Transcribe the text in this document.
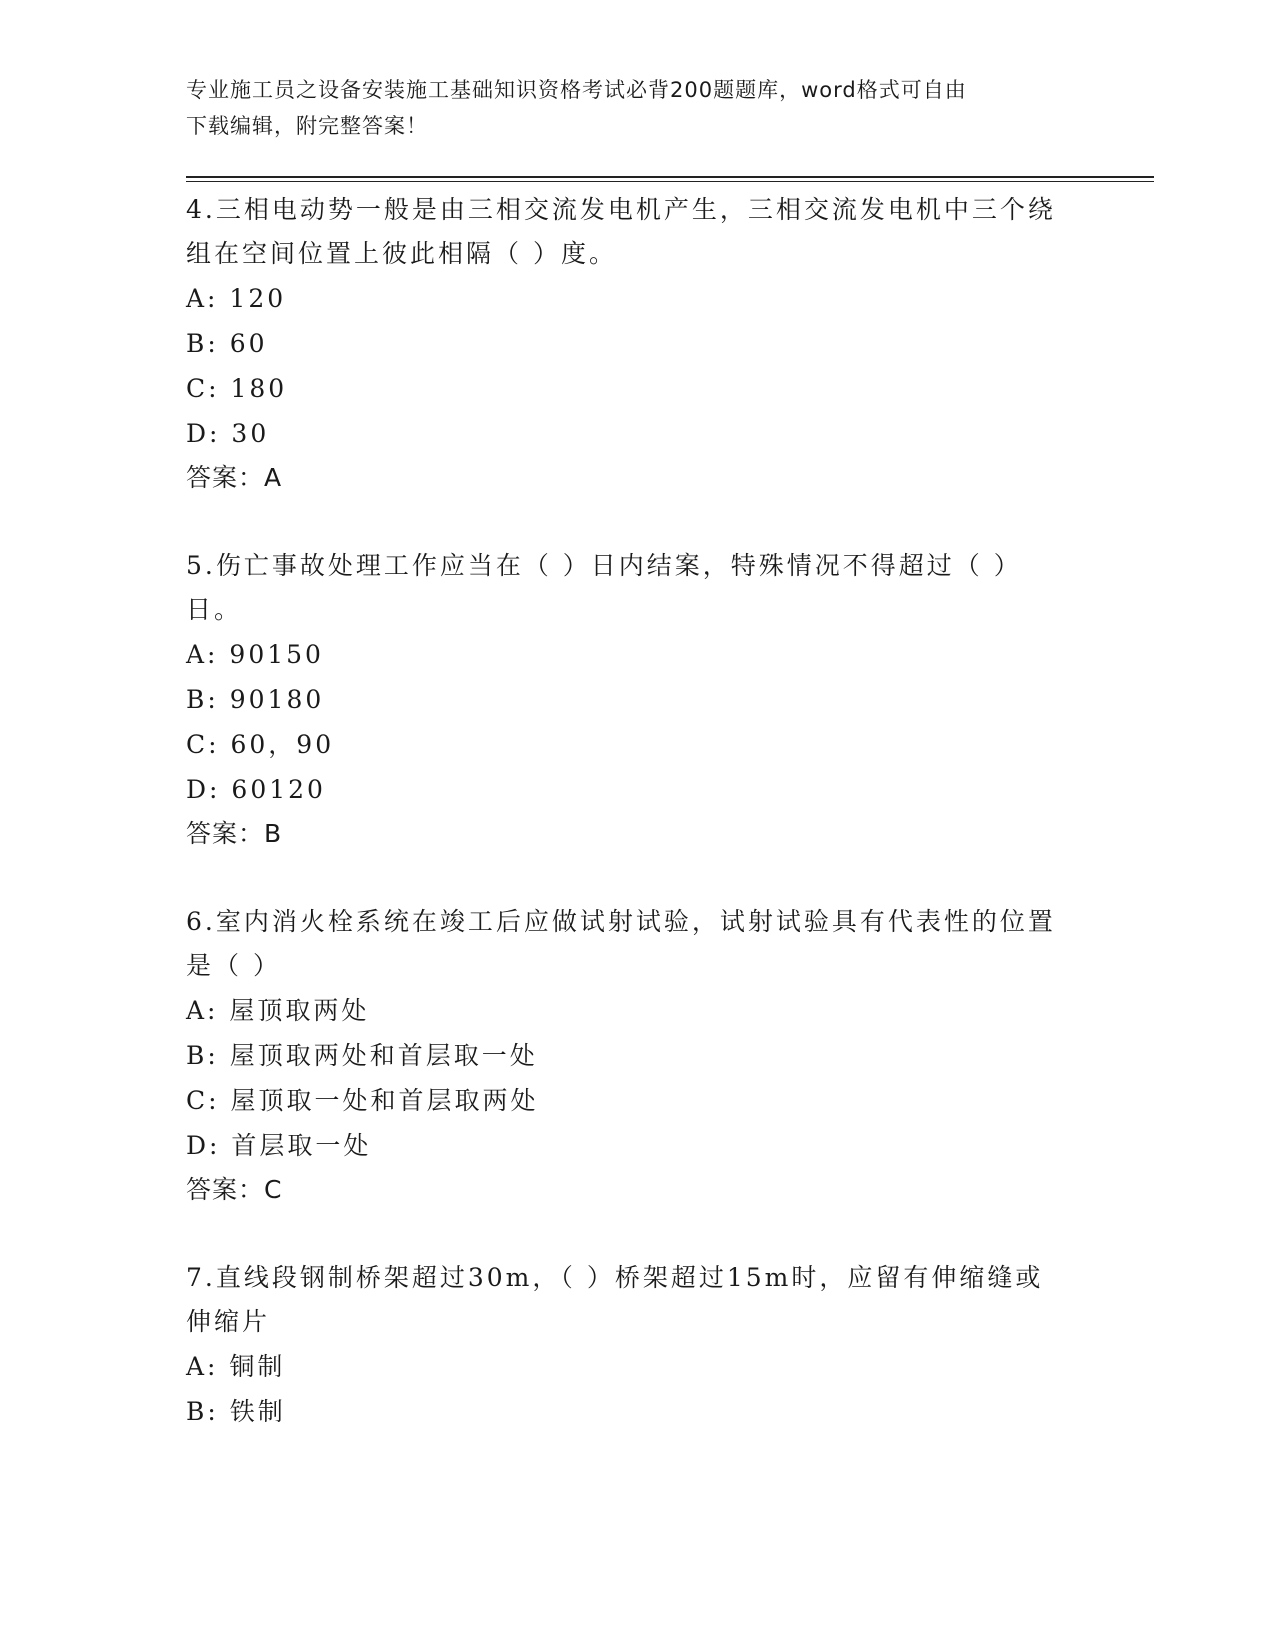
专业施工员之设备安装施工基础知识资格考试必背200题题库，word格式可自由
下载编辑，附完整答案！
4.三相电动势一般是由三相交流发电机产生，三相交流发电机中三个绕组在空间位置上彼此相隔（ ）度。
A: 120
B: 60
C: 180
D: 30
答案：A
5.伤亡事故处理工作应当在（ ）日内结案，特殊情况不得超过（ ）日。
A: 90150
B: 90180
C: 60，90
D: 60120
答案：B
6.室内消火栓系统在竣工后应做试射试验，试射试验具有代表性的位置是（ ）
A: 屋顶取两处
B: 屋顶取两处和首层取一处
C: 屋顶取一处和首层取两处
D: 首层取一处
答案：C
7.直线段钢制桥架超过30m，（ ）桥架超过15m时，应留有伸缩缝或伸缩片
A: 铜制
B: 铁制
